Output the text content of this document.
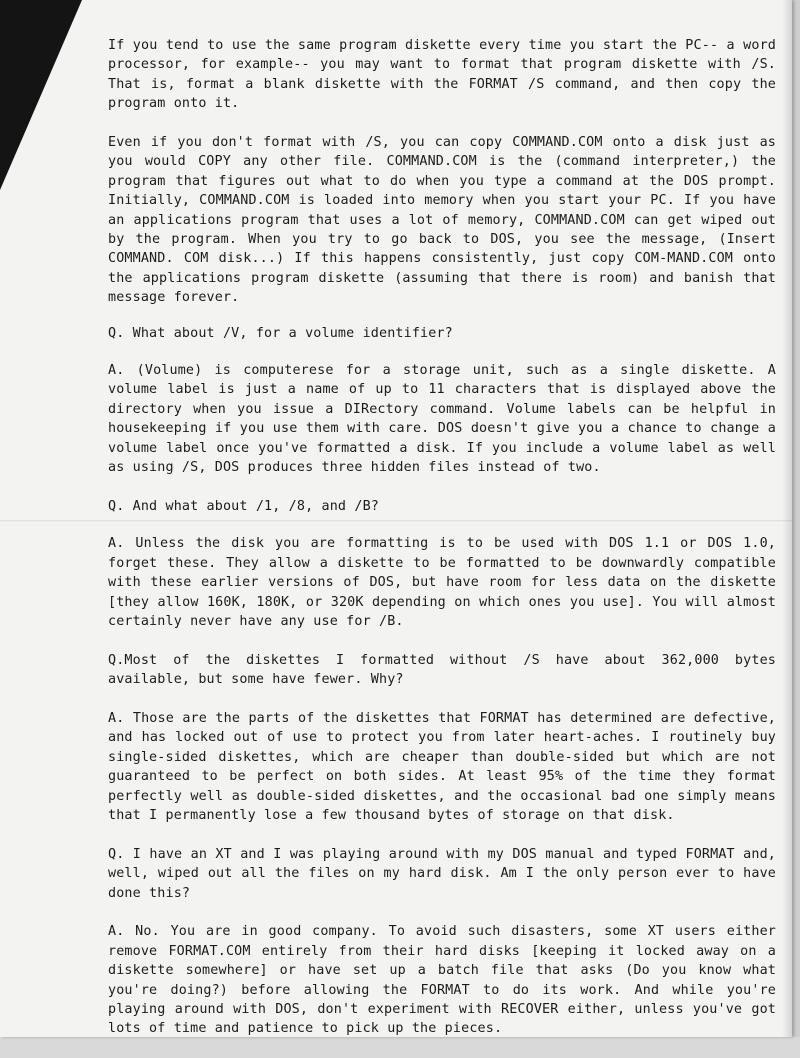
If you tend to use the same program diskette every time you start the PC-- a word processor, for example-- you may want to format that program diskette with /S. That is, format a blank diskette with the FORMAT /S command, and then copy the program onto it.

Even if you don't format with /S, you can copy COMMAND.COM onto a disk just as you would COPY any other file. COMMAND.COM is the (command interpreter,) the program that figures out what to do when you type a command at the DOS prompt. Initially, COMMAND.COM is loaded into memory when you start your PC. If you have an applications program that uses a lot of memory, COMMAND.COM can get wiped out by the program. When you try to go back to DOS, you see the message, (Insert COMMAND. COM disk...) If this happens consistently, just copy COM-MAND.COM onto the applications program diskette (assuming that there is room) and banish that message forever.

Q. What about /V, for a volume identifier?

A. (Volume) is computerese for a storage unit, such as a single diskette. A volume label is just a name of up to 11 characters that is displayed above the directory when you issue a DIRectory command. Volume labels can be helpful in housekeeping if you use them with care. DOS doesn't give you a chance to change a volume label once you've formatted a disk. If you include a volume label as well as using /S, DOS produces three hidden files instead of two.

Q. And what about /1, /8, and /B?

A. Unless the disk you are formatting is to be used with DOS 1.1 or DOS 1.0, forget these. They allow a diskette to be formatted to be downwardly compatible with these earlier versions of DOS, but have room for less data on the diskette [they allow 160K, 180K, or 320K depending on which ones you use]. You will almost certainly never have any use for /B.

Q.Most of the diskettes I formatted without /S have about 362,000 bytes available, but some have fewer. Why?

A. Those are the parts of the diskettes that FORMAT has determined are defective, and has locked out of use to protect you from later heart-aches. I routinely buy single-sided diskettes, which are cheaper than double-sided but which are not guaranteed to be perfect on both sides. At least 95% of the time they format perfectly well as double-sided diskettes, and the occasional bad one simply means that I permanently lose a few thousand bytes of storage on that disk.

Q. I have an XT and I was playing around with my DOS manual and typed FORMAT and, well, wiped out all the files on my hard disk. Am I the only person ever to have done this?

A. No. You are in good company. To avoid such disasters, some XT users either remove FORMAT.COM entirely from their hard disks [keeping it locked away on a diskette somewhere] or have set up a batch file that asks (Do you know what you're doing?) before allowing the FORMAT to do its work. And while you're playing around with DOS, don't experiment with RECOVER either, unless you've got lots of time and patience to pick up the pieces.
